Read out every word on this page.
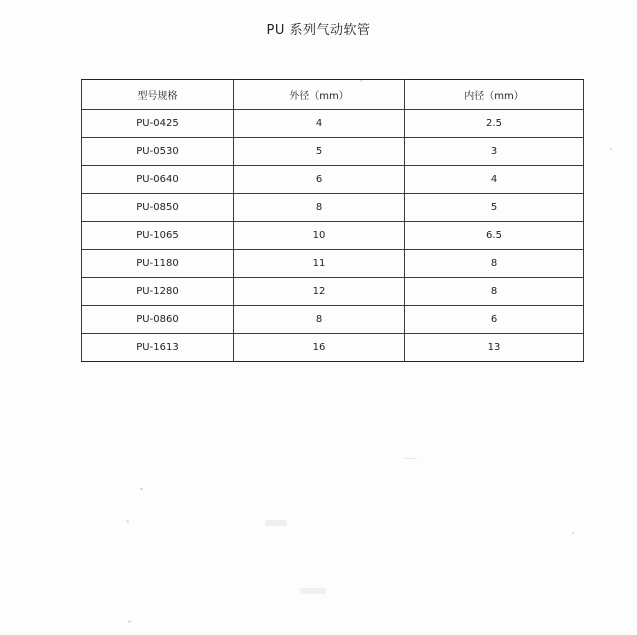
PU 系列气动软管
型号规格	外径（mm）	内径（mm）
PU-0425	4	2.5
PU-0530	5	3
PU-0640	6	4
PU-0850	8	5
PU-1065	10	6.5
PU-1180	11	8
PU-1280	12	8
PU-0860	8	6
PU-1613	16	13
